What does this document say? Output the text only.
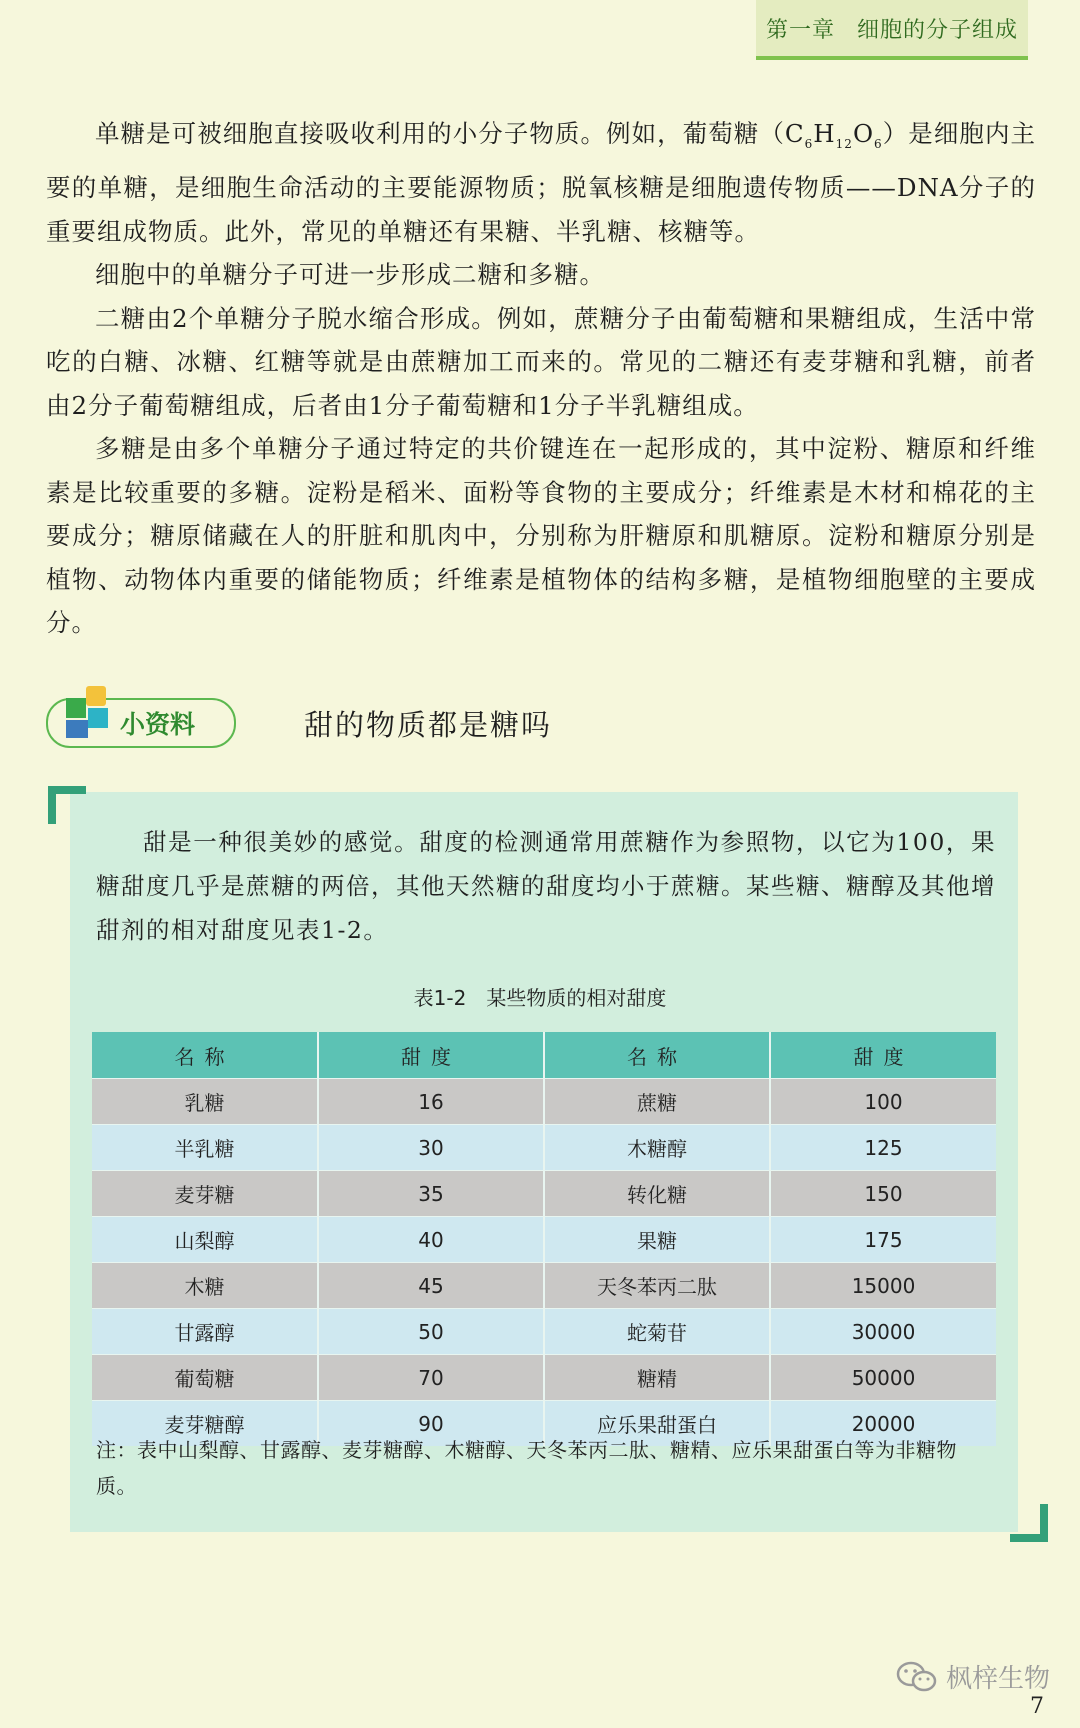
第一章 细胞的分子组成

单糖是可被细胞直接吸收利用的小分子物质。例如，葡萄糖$(C_6H_{12}O_6)$是细胞内主要的单糖，是细胞生命活动的主要能源物质；脱氧核糖是细胞遗传物质——DNA分子的重要组成物质。此外，常见的单糖还有果糖、半乳糖、核糖等。

细胞中的单糖分子可进一步形成二糖和多糖。

二糖由2个单糖分子脱水缩合形成。例如，蔗糖分子由葡萄糖和果糖组成，生活中常吃的白糖、冰糖、红糖等就是由蔗糖加工而来的。常见的二糖还有麦芽糖和乳糖，前者由2分子葡萄糖组成，后者由1分子葡萄糖和1分子半乳糖组成。

多糖是由多个单糖分子通过特定的共价键连在一起形成的，其中淀粉、糖原和纤维素是比较重要的多糖。淀粉是稻米、面粉等食物的主要成分；纤维素是木材和棉花的主要成分；糖原储藏在人的肝脏和肌肉中，分别称为肝糖原和肌糖原。淀粉和糖原分别是植物、动物体内重要的储能物质；纤维素是植物体的结构多糖，是植物细胞壁的主要成分。

小资料	甜的物质都是糖吗

甜是一种很美妙的感觉。甜度的检测通常用蔗糖作为参照物，以它为100，果糖甜度几乎是蔗糖的两倍，其他天然糖的甜度均小于蔗糖。某些糖、糖醇及其他增甜剂的相对甜度见表1-2。

表1-2　某些物质的相对甜度
名称	甜度	名称	甜度
乳糖	16	蔗糖	100
半乳糖	30	木糖醇	125
麦芽糖	35	转化糖	150
山梨醇	40	果糖	175
木糖	45	天冬苯丙二肽	15000
甘露醇	50	蛇菊苷	30000
葡萄糖	70	糖精	50000
麦芽糖醇	90	应乐果甜蛋白	20000
注：表中山梨醇、甘露醇、麦芽糖醇、木糖醇、天冬苯丙二肽、糖精、应乐果甜蛋白等为非糖物质。
枫梓生物
7
